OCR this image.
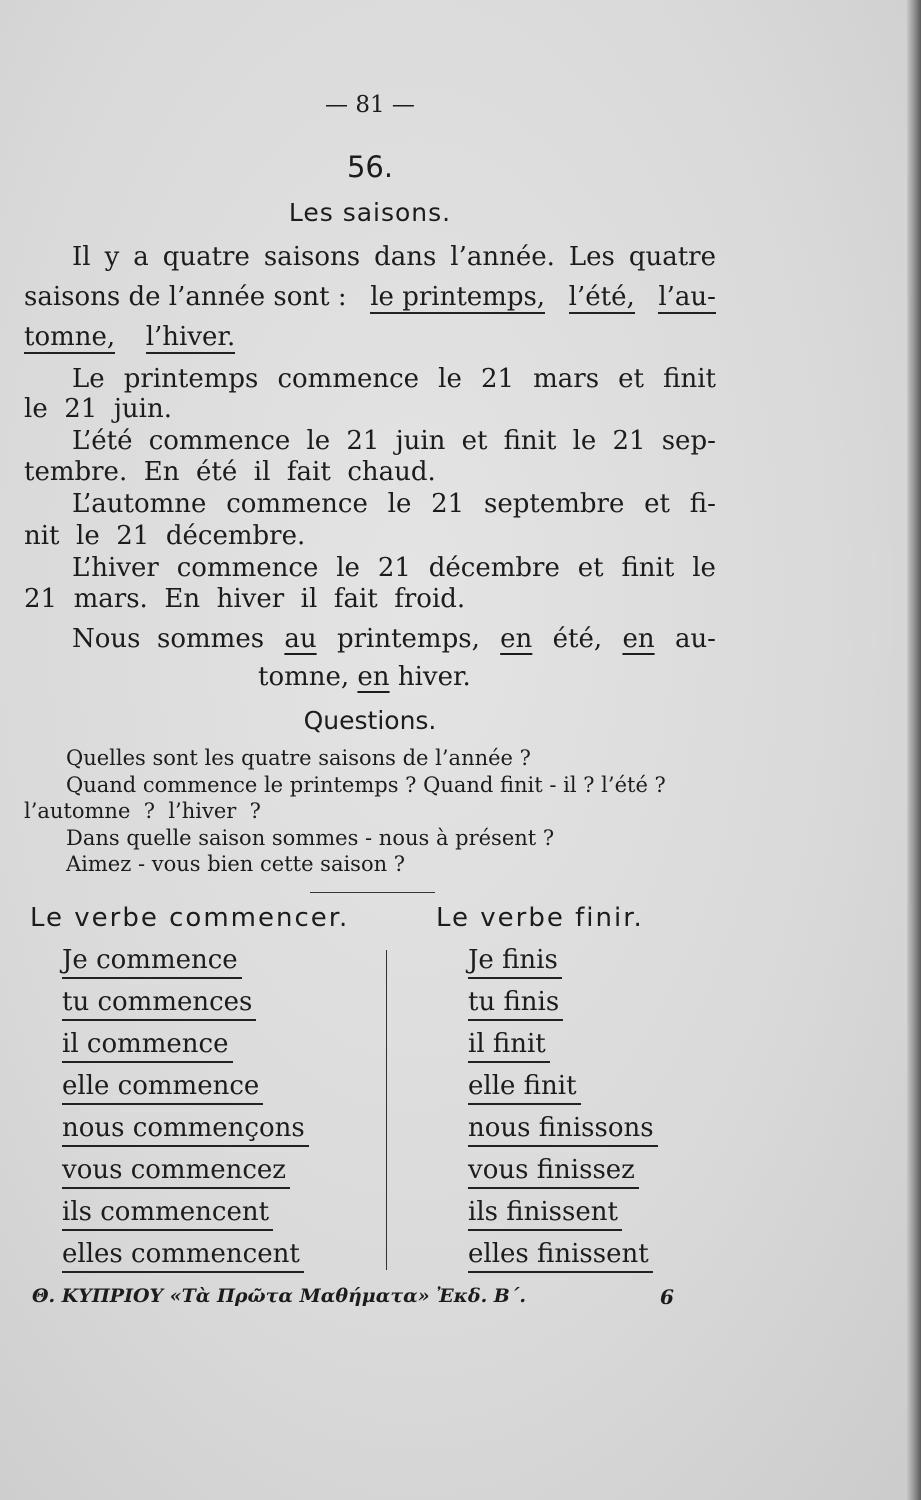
— 81 —
56.
Les saisons.
Il y a quatre saisons dans l’année. Les quatre
saisons de l’année sont : le printemps, l’été, l’au-
tomne, l’hiver.
Le printemps commence le 21 mars et finit
le  21  juin.
L’été commence le 21 juin et finit le 21 sep-
tembre.  En  été  il  fait  chaud.
L’automne commence le 21 septembre et fi-
nit  le  21  décembre.
L’hiver commence le 21 décembre et finit le
21  mars.  En  hiver  il  fait  froid.
Nous  sommes au printemps, en été, en au-
tomne, en hiver.
Questions.
Quelles sont les quatre saisons de l’année ?
Quand commence le printemps ? Quand finit - il ? l’été ?
l’automne  ?  l’hiver  ?
Dans quelle saison sommes - nous à présent ?
Aimez - vous bien cette saison ?
Le verbe commencer.	Le verbe finir.
Je commence
tu commences
il commence
elle commence
nous commençons
vous commencez
ils commencent
elles commencent
Je finis
tu finis
il finit
elle finit
nous finissons
vous finissez
ils finissent
elles finissent
Θ. ΚΥΠΡΙΟΥ «Τὰ Πρῶτα Μαθήματα» Ἐκδ. Β΄.	6
